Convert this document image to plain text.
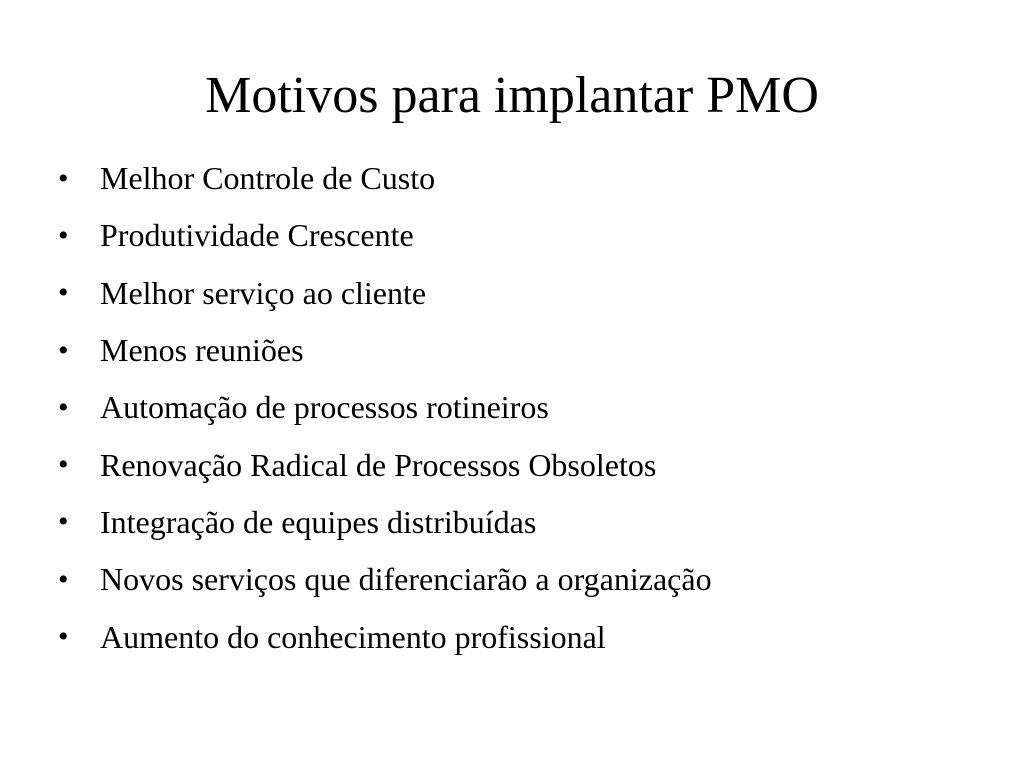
Motivos para implantar PMO
• Melhor Controle de Custo
• Produtividade Crescente
• Melhor serviço ao cliente
• Menos reuniões
• Automação de processos rotineiros
• Renovação Radical de Processos Obsoletos
• Integração de equipes distribuídas
• Novos serviços que diferenciarão a organização
• Aumento do conhecimento profissional
